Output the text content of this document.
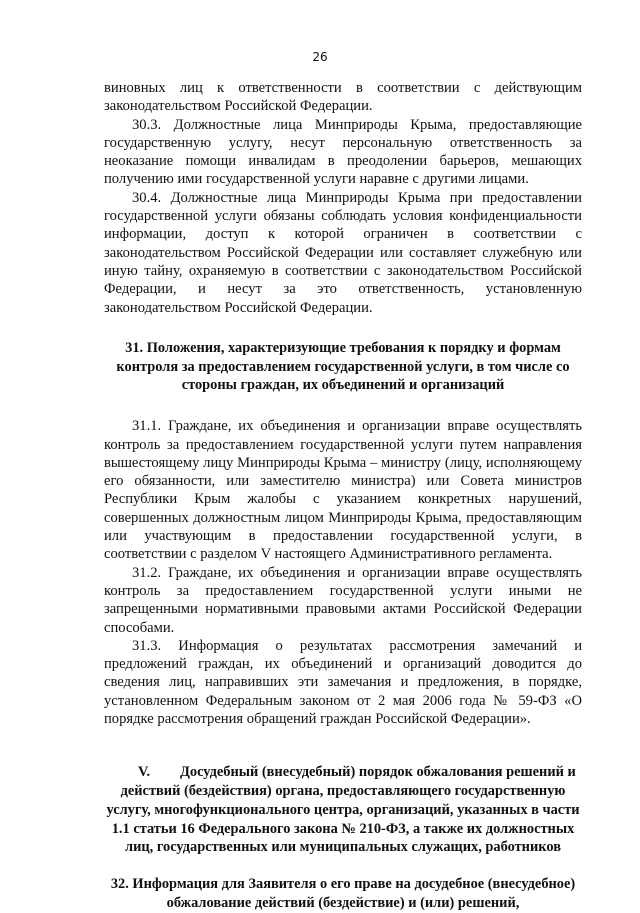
26

виновных лиц к ответственности в соответствии с действующим законодательством Российской Федерации.

30.3. Должностные лица Минприроды Крыма, предоставляющие государственную услугу, несут персональную ответственность за неоказание помощи инвалидам в преодолении барьеров, мешающих получению ими государственной услуги наравне с другими лицами.

30.4. Должностные лица Минприроды Крыма при предоставлении государственной услуги обязаны соблюдать условия конфиденциальности информации, доступ к которой ограничен в соответствии с законодательством Российской Федерации или составляет служебную или иную тайну, охраняемую в соответствии с законодательством Российской Федерации, и несут за это ответственность, установленную законодательством Российской Федерации.

31. Положения, характеризующие требования к порядку и формам контроля за предоставлением государственной услуги, в том числе со стороны граждан, их объединений и организаций

31.1. Граждане, их объединения и организации вправе осуществлять контроль за предоставлением государственной услуги путем направления вышестоящему лицу Минприроды Крыма – министру (лицу, исполняющему его обязанности, или заместителю министра) или Совета министров Республики Крым жалобы с указанием конкретных нарушений, совершенных должностным лицом Минприроды Крыма, предоставляющим или участвующим в предоставлении государственной услуги, в соответствии с разделом V настоящего Административного регламента.

31.2. Граждане, их объединения и организации вправе осуществлять контроль за предоставлением государственной услуги иными не запрещенными нормативными правовыми актами Российской Федерации способами.

31.3. Информация о результатах рассмотрения замечаний и предложений граждан, их объединений и организаций доводится до сведения лиц, направивших эти замечания и предложения, в порядке, установленном Федеральным законом от 2 мая 2006 года № 59-ФЗ «О порядке рассмотрения обращений граждан Российской Федерации».

V.	Досудебный (внесудебный) порядок обжалования решений и
действий (бездействия) органа, предоставляющего государственную услугу, многофункционального центра, организаций, указанных в части 1.1 статьи 16 Федерального закона № 210-ФЗ, а также их должностных лиц, государственных или муниципальных служащих, работников

32. Информация для Заявителя о его праве на досудебное (внесудебное) обжалование действий (бездействие) и (или) решений,
